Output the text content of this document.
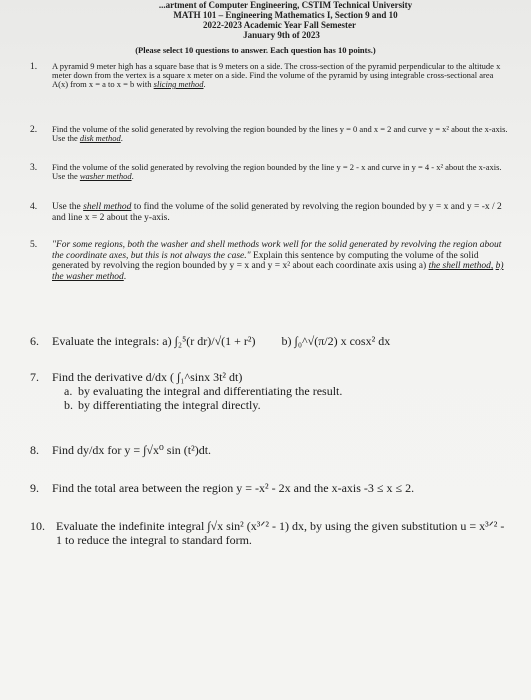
...artment of Computer Engineering, CSTIM Technical University
MATH 101 – Engineering Mathematics I, Section 9 and 10
2022-2023 Academic Year Fall Semester
January 9th of 2023
(Please select 10 questions to answer. Each question has 10 points.)
1. A pyramid 9 meter high has a square base that is 9 meters on a side. The cross-section of the pyramid perpendicular to the altitude x meter down from the vertex is a square x meter on a side. Find the volume of the pyramid by using integrable cross-sectional area A(x) from x = a to x = b with slicing method.
2. Find the volume of the solid generated by revolving the region bounded by the lines y = 0 and x = 2 and curve y = x² about the x-axis. Use the disk method.
3. Find the volume of the solid generated by revolving the region bounded by the line y = 2 - x and curve in y = 4 - x² about the x-axis. Use the washer method.
4. Use the shell method to find the volume of the solid generated by revolving the region bounded by y = x and y = -x / 2 and line x = 2 about the y-axis.
5. "For some regions, both the washer and shell methods work well for the solid generated by revolving the region about the coordinate axes, but this is not always the case." Explain this sentence by computing the volume of the solid generated by revolving the region bounded by y = x and y = x² about each coordinate axis using a) the shell method, b) the washer method.
6. Evaluate the integrals: a) ∫₂⁵(r dr)/√(1 + r²) b) ∫₀^√(π/2) x cosx² dx
7. Find the derivative d/dx ( ∫₁^sinx 3t² dt)
a. by evaluating the integral and differentiating the result.
b. by differentiating the integral directly.
8. Find dy/dx for y = ∫√x⁰ sin (t²)dt.
9. Find the total area between the region y = -x² - 2x and the x-axis -3 ≤ x ≤ 2.
10. Evaluate the indefinite integral ∫√x sin² (x³ᐟ² - 1) dx, by using the given substitution u = x³ᐟ² - 1 to reduce the integral to standard form.
